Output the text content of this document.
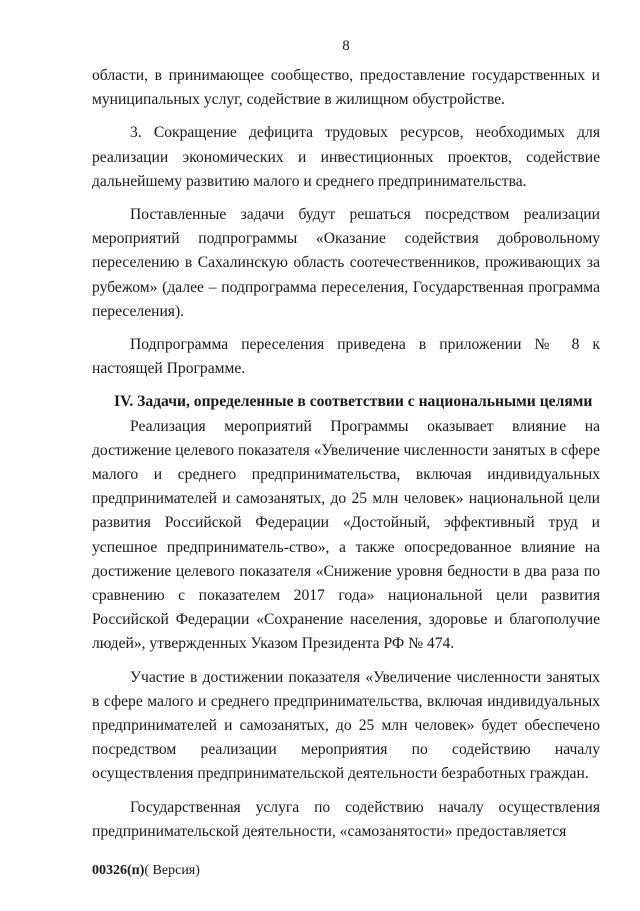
8

области, в принимающее сообщество, предоставление государственных и муниципальных услуг, содействие в жилищном обустройстве.

3. Сокращение дефицита трудовых ресурсов, необходимых для реализации экономических и инвестиционных проектов, содействие дальнейшему развитию малого и среднего предпринимательства.

Поставленные задачи будут решаться посредством реализации мероприятий подпрограммы «Оказание содействия добровольному переселению в Сахалинскую область соотечественников, проживающих за рубежом» (далее – подпрограмма переселения, Государственная программа переселения).

Подпрограмма переселения приведена в приложении № 8 к настоящей Программе.

IV. Задачи, определенные в соответствии с национальными целями

Реализация мероприятий Программы оказывает влияние на достижение целевого показателя «Увеличение численности занятых в сфере малого и среднего предпринимательства, включая индивидуальных предпринимателей и самозанятых, до 25 млн человек» национальной цели развития Российской Федерации «Достойный, эффективный труд и успешное предприниматель-ство», а также опосредованное влияние на достижение целевого показателя «Снижение уровня бедности в два раза по сравнению с показателем 2017 года» национальной цели развития Российской Федерации «Сохранение населения, здоровье и благополучие людей», утвержденных Указом Президента РФ № 474.

Участие в достижении показателя «Увеличение численности занятых в сфере малого и среднего предпринимательства, включая индивидуальных предпринимателей и самозанятых, до 25 млн человек» будет обеспечено посредством реализации мероприятия по содействию началу осуществления предпринимательской деятельности безработных граждан.

Государственная услуга по содействию началу осуществления предпринимательской деятельности, «самозанятости» предоставляется

00326(п)( Версия)
